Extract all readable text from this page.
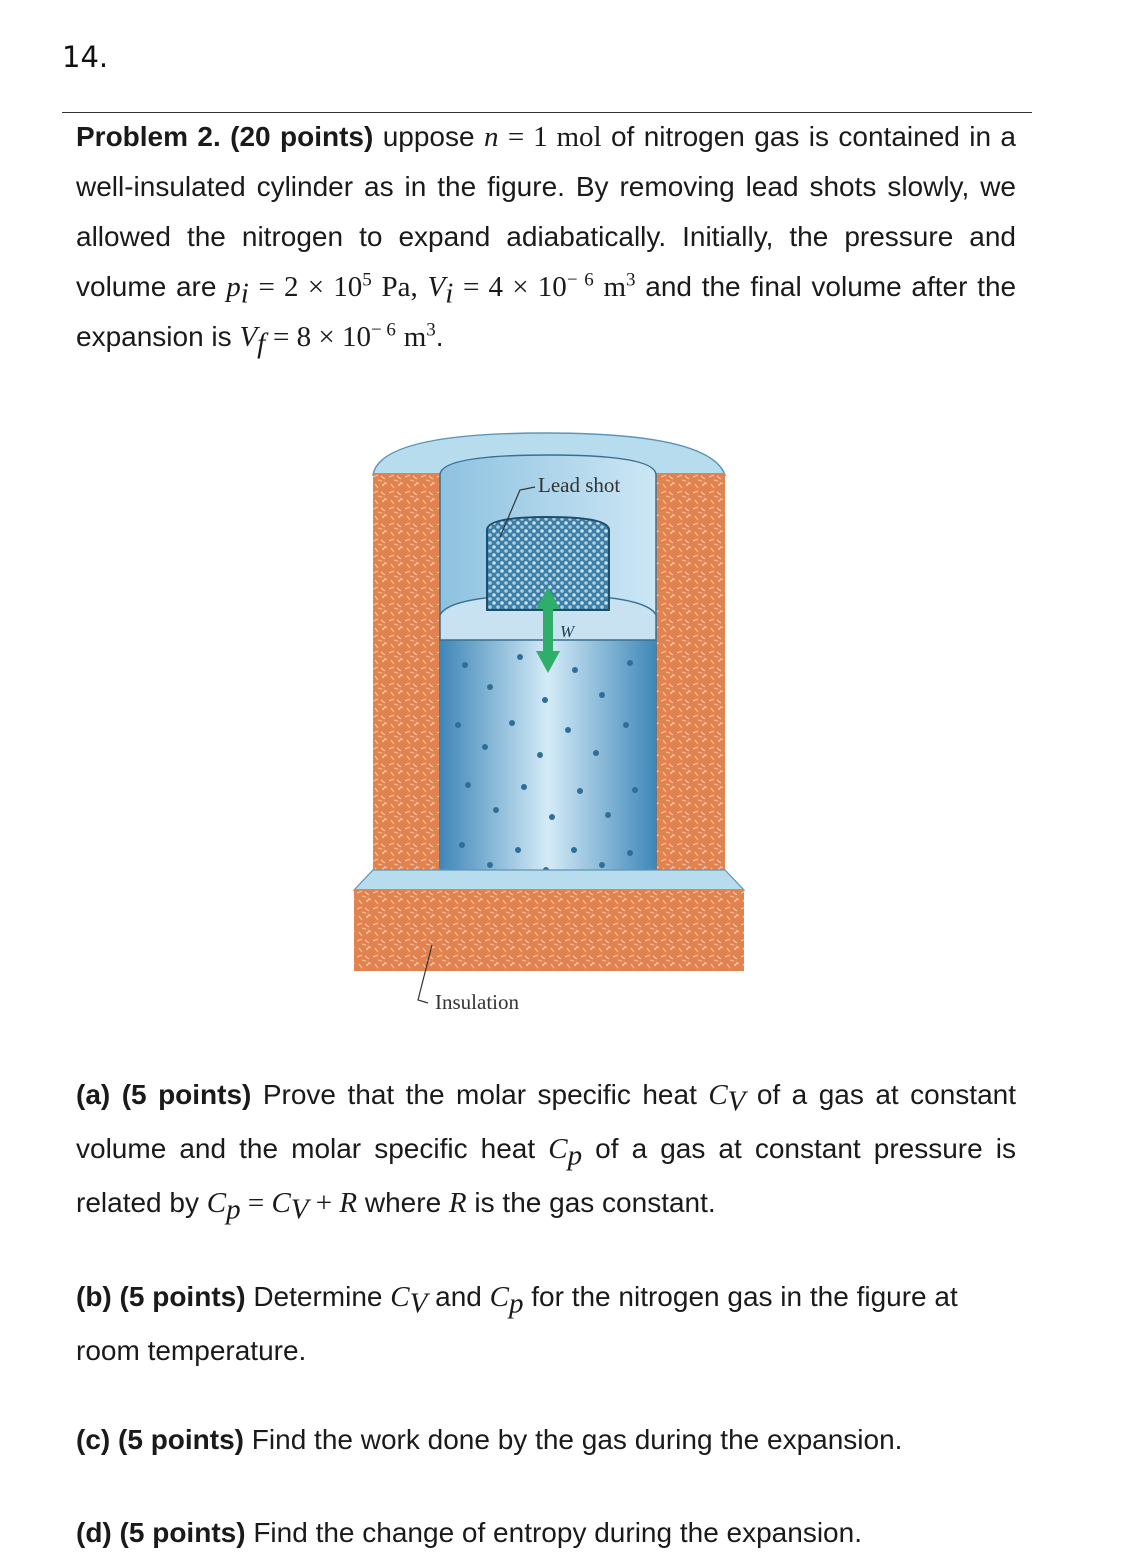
14.
Problem 2. (20 points) uppose n = 1 mol of nitrogen gas is contained in a well-insulated cylinder as in the figure. By removing lead shots slowly, we allowed the nitrogen to expand adiabatically. Initially, the pressure and volume are $p_i = 2 \times 10^5$ Pa, $V_i = 4 \times 10^{- 6}$ $m^3$ and the final volume after the expansion is $V_f = 8 \times 10^{- 6}$ $m^3$.
W
Lead shot
Insulation
(a) (5 points) Prove that the molar specific heat $C_V$ of a gas at constant volume and the molar specific heat $C_p$ of a gas at constant pressure is related by $C_p = C_V + R$ where R is the gas constant.
(b) (5 points) Determine $C_V$ and $C_p$ for the nitrogen gas in the figure at room temperature.
(c) (5 points) Find the work done by the gas during the expansion.
(d) (5 points) Find the change of entropy during the expansion.
